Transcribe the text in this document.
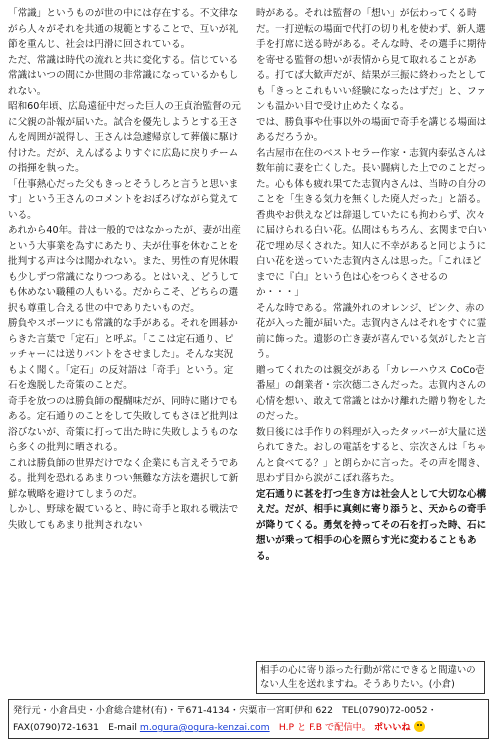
「常識」というものが世の中には存在する。不文律ながら人々がそれを共通の規範とすることで、互いが礼節を重んじ、社会は円滑に回されている。

ただ、常識は時代の流れと共に変化する。信じている常識はいつの間にか世間の非常識になっているかもしれない。

昭和60年頃、広島遠征中だった巨人の王貞治監督の元に父親の訃報が届いた。試合を優先しようとする王さんを周囲が説得し、王さんは急遽帰京して葬儀に駆け付けた。だが、えんぱるよりすぐに広島に戻りチームの指揮を執った。

「仕事熱心だった父もきっとそうしろと言うと思います」という王さんのコメントをおぼろげながら覚えている。

あれから40年。昔は一般的ではなかったが、妻が出産という大事業を為すにあたり、夫が仕事を休むことを批判する声は今は聞かれない。また、男性の育児休暇も少しずつ常識になりつつある。とはいえ、どうしても休めない職種の人もいる。だからこそ、どちらの選択も尊重し合える世の中でありたいものだ。

勝負やスポーツにも常識的な手がある。それを囲碁からきた言葉で「定石」と呼ぶ。「ここは定石通り、ピッチャーには送りバントをさせました」。そんな実況もよく聞く。「定石」の反対語は「奇手」という。定石を逸脱した奇策のことだ。

奇手を放つのは勝負師の醍醐味だが、同時に賭けでもある。定石通りのことをして失敗してもさほど批判は浴びないが、奇策に打って出た時に失敗しようものなら多くの批判に晒される。

これは勝負師の世界だけでなく企業にも言えそうである。批判を恐れるあまりつい無難な方法を選択して新鮮な戦略を避けてしまうのだ。

しかし、野球を観ていると、時に奇手と取れる戦法で失敗してもあまり批判されない

時がある。それは監督の「想い」が伝わってくる時だ。一打逆転の場面で代打の切り札を使わず、新人選手を打席に送る時がある。そんな時、その選手に期待を寄せる監督の想いが表情から見て取れることがある。打てば大歓声だが、結果が三振に終わったとしても「きっとこれもいい経験になったはずだ」と、ファンも温かい目で受け止めたくなる。

では、勝負事や仕事以外の場面で奇手を講じる場面はあるだろうか。

名古屋市在住のベストセラー作家・志賀内泰弘さんは数年前に妻を亡くした。長い闘病した上でのことだった。心も体も疲れ果てた志賀内さんは、当時の自分のことを「生きる気力を無くした廃人だった」と語る。香典やお供えなどは辞退していたにも拘わらず、次々に届けられる白い花。仏間はもちろん、玄関まで白い花で埋め尽くされた。知人に不幸があると同じように白い花を送っていた志賀内さんは思った。「これほどまでに『白』という色は心をつらくさせるのか・・・」

そんな時である。常識外れのオレンジ、ピンク、赤の花が入った籠が届いた。志賀内さんはそれをすぐに霊前に飾った。遺影の亡き妻が喜んでいる気がしたと言う。

贈ってくれたのは親交がある「カレーハウス CoCo壱番屋」の創業者・宗次德二さんだった。志賀内さんの心情を想い、敢えて常識とはかけ離れた贈り物をしたのだった。

数日後には手作りの料理が入ったタッパーが大量に送られてきた。おしの電話をすると、宗次さんは「ちゃんと食べてる？」と朗らかに言った。その声を聞き、思わず目から涙がこぼれ落ちた。

定石通りに甚を打つ生き方は社会人として大切な心構えだ。だが、相手に真剣に寄り添うと、天からの奇手が降りてくる。勇気を持ってその石を打った時、石に想いが乗って相手の心を照らす光に変わることもある。

相手の心に寄り添った行動が常にできると間違いのない人生を送れますね。そうありたい。(小倉)
発行元・小倉昌史・小倉総合建材(有)・〒671-4134・宍粟市一宮町伊和 622　TEL(0790)72-0052・
FAX(0790)72-1631　E-mail m.ogura@ogura-kenzai.com　H.P と F.B で配信中。 ポいいね
